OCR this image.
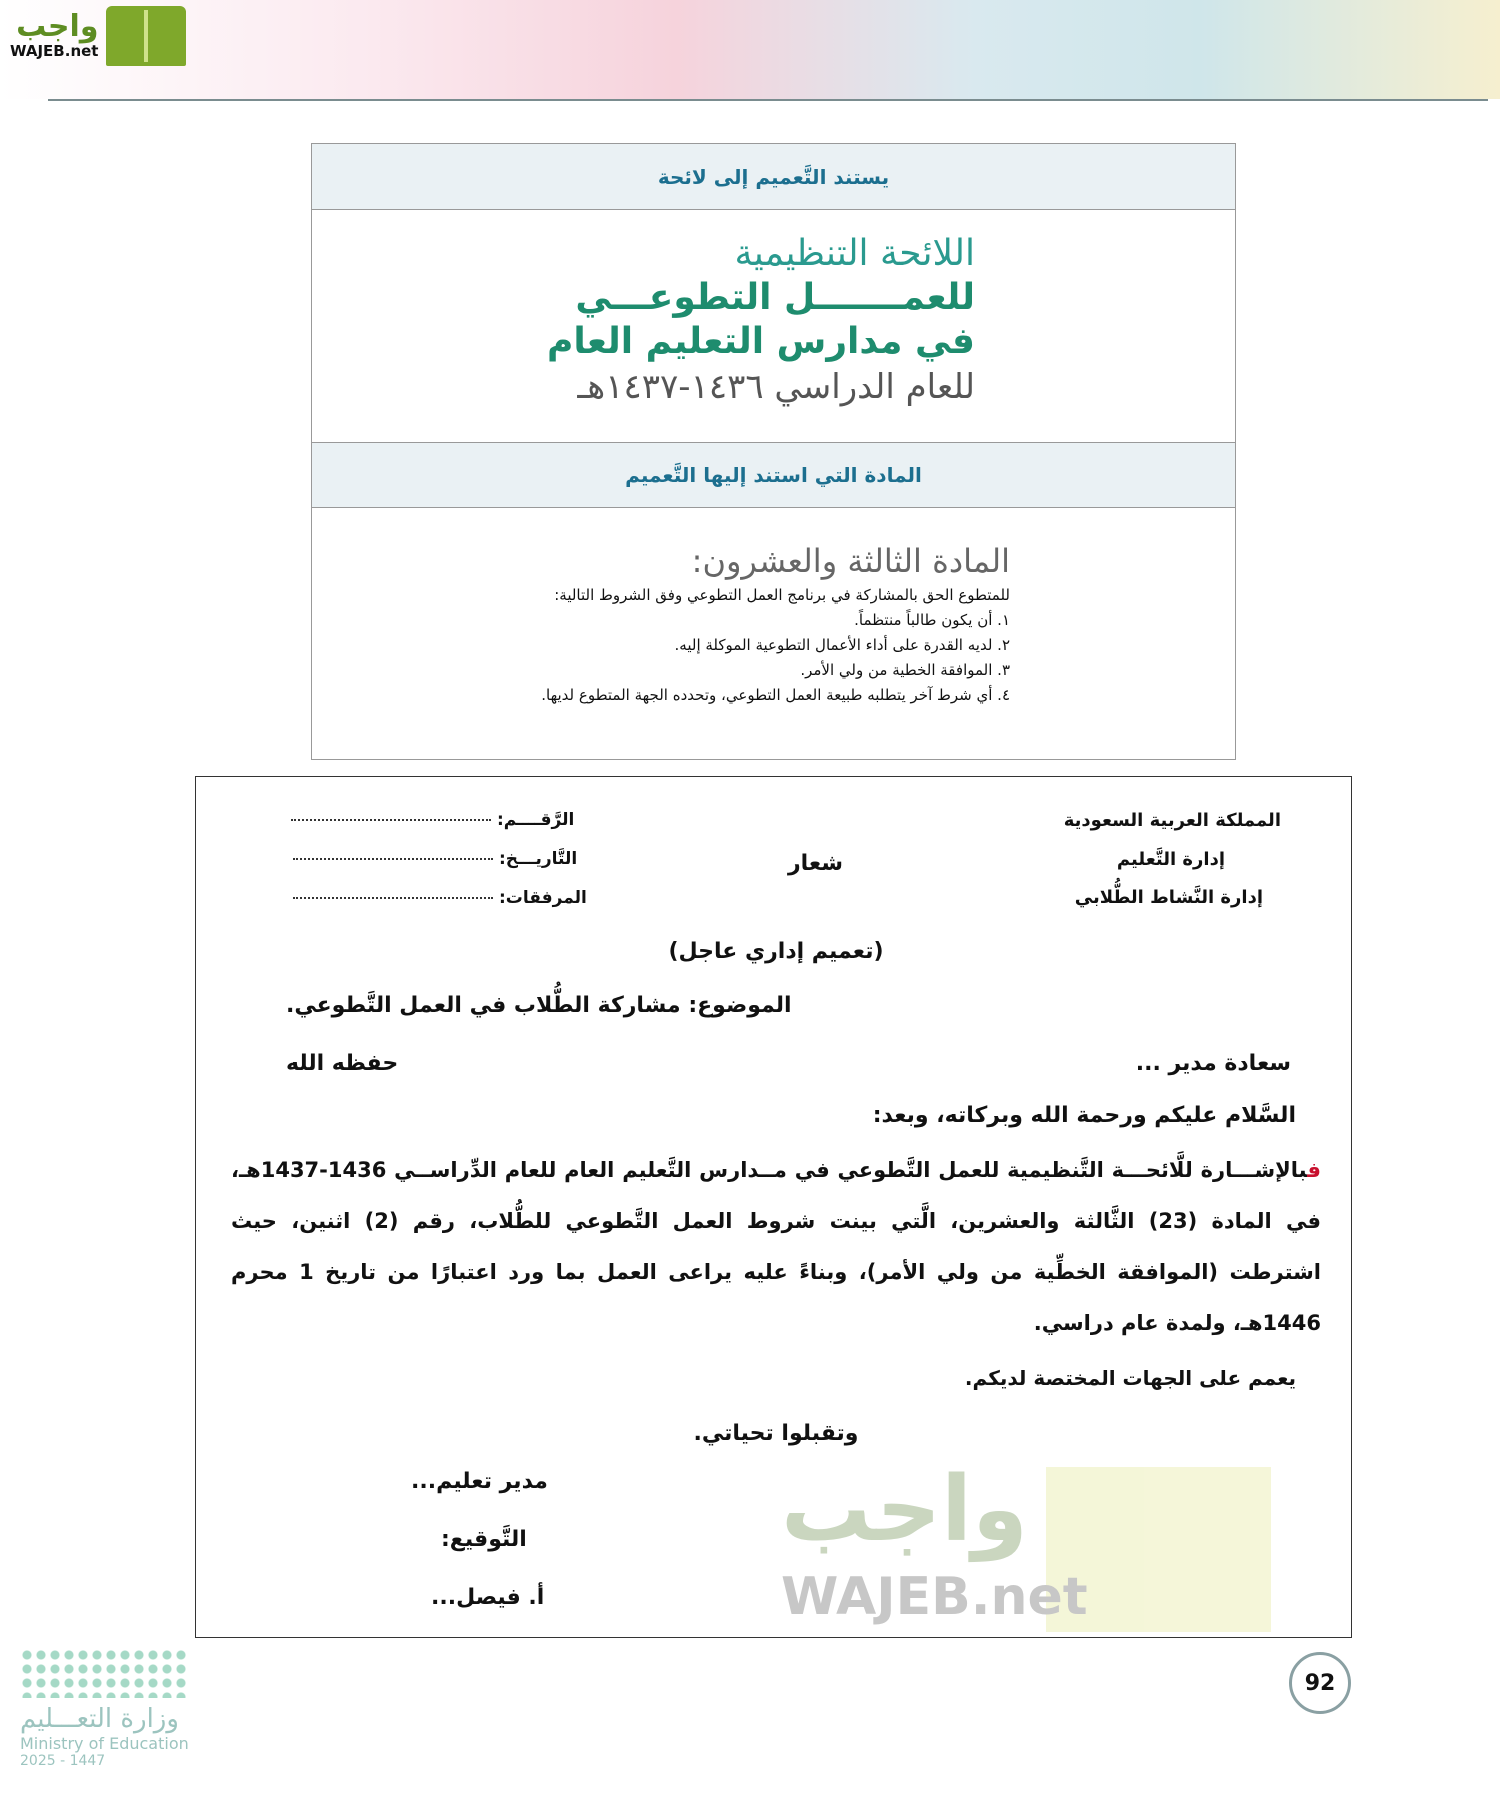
واجب
WAJEB.net
يستند التَّعميم إلى لائحة
اللائحة التنظيمية
للعمـــــــل التطوعـــي
في مدارس التعليم العام
للعام الدراسي ١٤٣٦-١٤٣٧هـ
المادة التي استند إليها التَّعميم
المادة الثالثة والعشرون:
للمتطوع الحق بالمشاركة في برنامج العمل التطوعي وفق الشروط التالية:
١. أن يكون طالباً منتظماً.
٢. لديه القدرة على أداء الأعمال التطوعية الموكلة إليه.
٣. الموافقة الخطية من ولي الأمر.
٤. أي شرط آخر يتطلبه طبيعة العمل التطوعي، وتحدده الجهة المتطوع لديها.
المملكة العربية السعودية
إدارة التَّعليم
إدارة النَّشاط الطُّلابي
شعار
الرَّقــــم:
التَّاريـــخ:
المرفقات:
(تعميم إداري عاجل)
الموضوع: مشاركة الطُّلاب في العمل التَّطوعي.
سعادة مدير ...
حفظه الله
السَّلام عليكم ورحمة الله وبركاته، وبعد:
فبالإشـــارة للَّائحـــة التَّنظيمية للعمل التَّطوعي في مــدارس التَّعليم العام للعام الدِّراســي 1436-1437هـ، في المادة (23) الثَّالثة والعشرين، الَّتي بينت شروط العمل التَّطوعي للطُّلاب، رقم (2) اثنين، حيث اشترطت (الموافقة الخطِّية من ولي الأمر)، وبناءً عليه يراعى العمل بما ورد اعتبارًا من تاريخ 1 محرم 1446هـ، ولمدة عام دراسي.
يعمم على الجهات المختصة لديكم.
وتقبلوا تحياتي.
واجب
WAJEB.net
مدير تعليم...
التَّوقيع:
أ. فيصل...
وزارة التعـــليم
Ministry of Education
2025 - 1447
92
